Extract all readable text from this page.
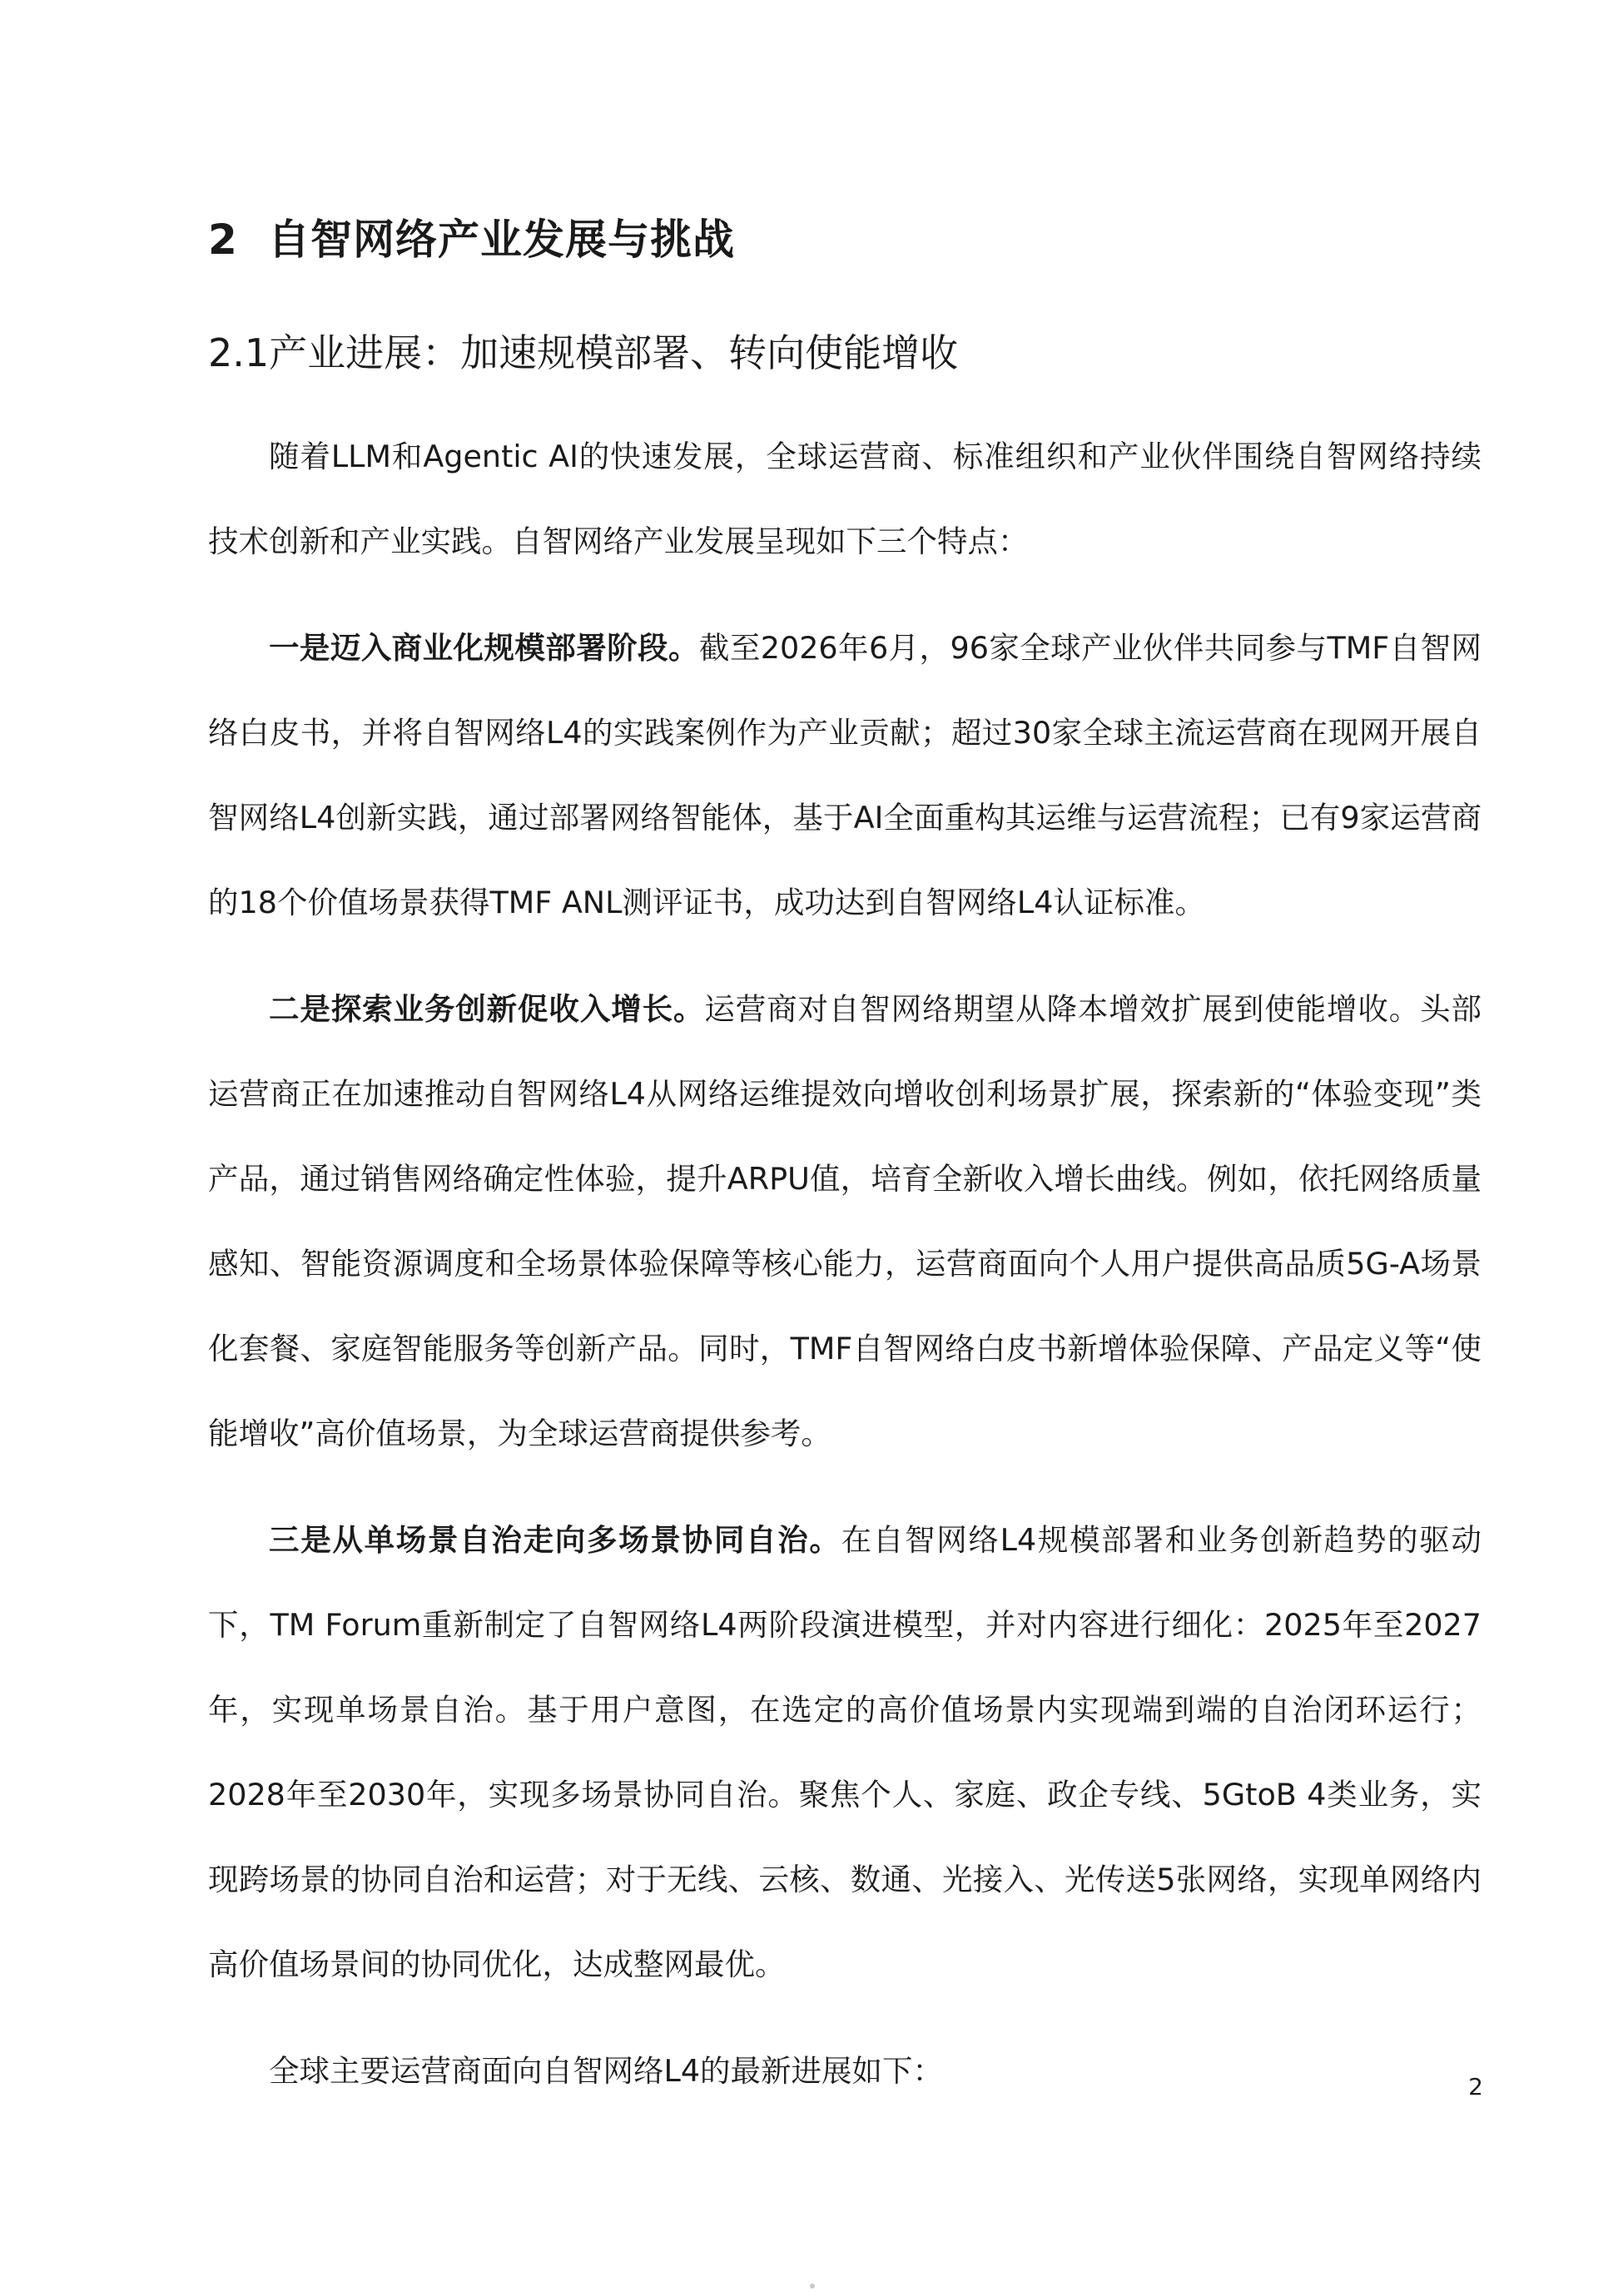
2 自智网络产业发展与挑战
2.1产业进展：加速规模部署、转向使能增收

随着LLM和Agentic AI的快速发展，全球运营商、标准组织和产业伙伴围绕自智网络持续技术创新和产业实践。自智网络产业发展呈现如下三个特点：

一是迈入商业化规模部署阶段。截至2026年6月，96家全球产业伙伴共同参与TMF自智网络白皮书，并将自智网络L4的实践案例作为产业贡献；超过30家全球主流运营商在现网开展自智网络L4创新实践，通过部署网络智能体，基于AI全面重构其运维与运营流程；已有9家运营商的18个价值场景获得TMF ANL测评证书，成功达到自智网络L4认证标准。

二是探索业务创新促收入增长。运营商对自智网络期望从降本增效扩展到使能增收。头部运营商正在加速推动自智网络L4从网络运维提效向增收创利场景扩展，探索新的“体验变现”类产品，通过销售网络确定性体验，提升ARPU值，培育全新收入增长曲线。例如，依托网络质量感知、智能资源调度和全场景体验保障等核心能力，运营商面向个人用户提供高品质5G-A场景化套餐、家庭智能服务等创新产品。同时，TMF自智网络白皮书新增体验保障、产品定义等“使能增收”高价值场景，为全球运营商提供参考。

三是从单场景自治走向多场景协同自治。在自智网络L4规模部署和业务创新趋势的驱动下，TM Forum重新制定了自智网络L4两阶段演进模型，并对内容进行细化：2025年至2027年，实现单场景自治。基于用户意图，在选定的高价值场景内实现端到端的自治闭环运行；2028年至2030年，实现多场景协同自治。聚焦个人、家庭、政企专线、5GtoB 4类业务，实现跨场景的协同自治和运营；对于无线、云核、数通、光接入、光传送5张网络，实现单网络内高价值场景间的协同优化，达成整网最优。

全球主要运营商面向自智网络L4的最新进展如下：	2
